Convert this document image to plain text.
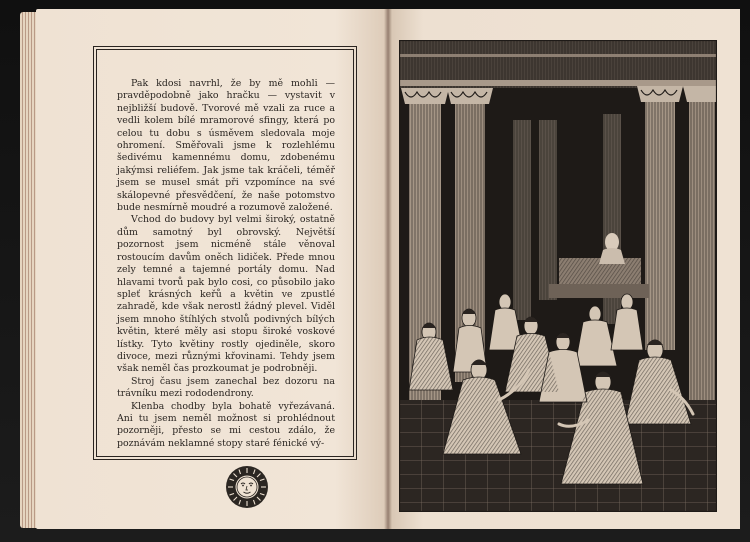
Pak kdosi navrhl, že by mě mohli — pravděpodobně jako hračku — vystavit v nejbližší budově. Tvorové mě vzali za ruce a vedli kolem bílé mramorové sfingy, která po celou tu dobu s úsměvem sledovala moje ohromení. Směřovali jsme k rozlehlému šedivému kamennému domu, zdobenému jakýmsi reliéfem. Jak jsme tak kráčeli, téměř jsem se musel smát při vzpomínce na své skálopevné přesvědčení, že naše potomstvo bude nesmírně moudré a rozumově založené.

Vchod do budovy byl velmi široký, ostatně dům samotný byl obrovský. Největší pozornost jsem nicméně stále věnoval rostoucím davům oněch lidiček. Přede mnou zely temné a tajemné portály domu. Nad hlavami tvorů pak bylo cosi, co působilo jako spleť krásných keřů a květin ve zpustlé zahradě, kde však nerostl žádný plevel. Viděl jsem mnoho štíhlých stvolů podivných bílých květin, které měly asi stopu široké voskové lístky. Tyto květiny rostly ojediněle, skoro divoce, mezi různými křovinami. Tehdy jsem však neměl čas prozkoumat je podrobněji.

Stroj času jsem zanechal bez dozoru na trávníku mezi rododendrony.

Klenba chodby byla bohatě vyřezávaná. Ani tu jsem neměl možnost si prohlédnout pozorněji, přesto se mi cestou zdálo, že poznávám neklamné stopy staré fénické vý-
